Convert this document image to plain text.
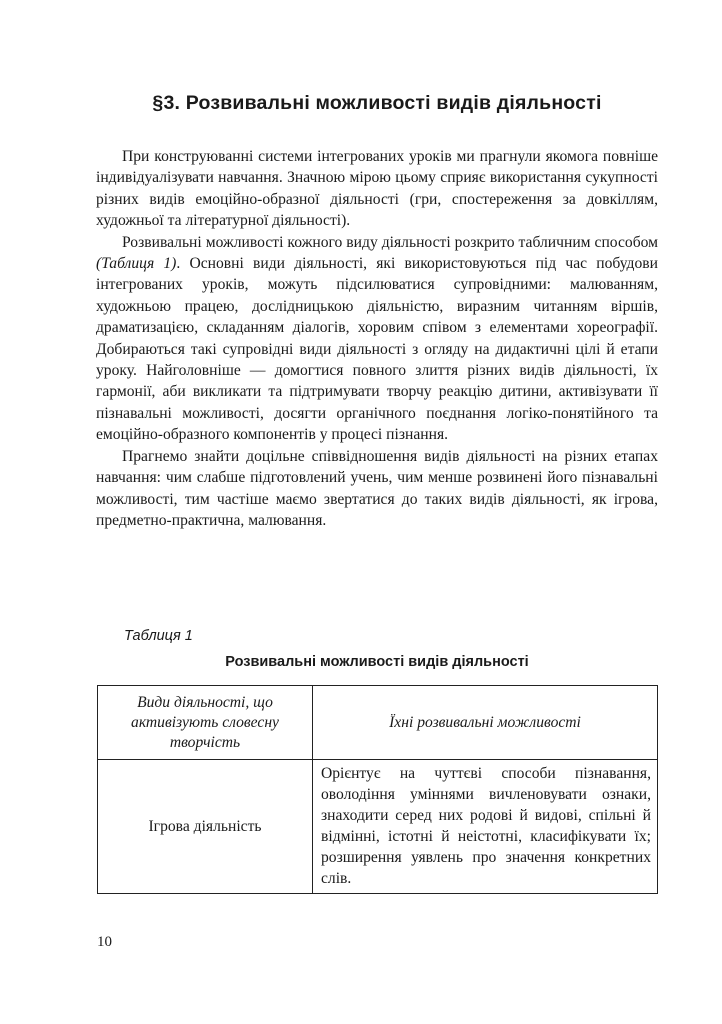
§3. Розвивальні можливості видів діяльності

При конструюванні системи інтегрованих уроків ми прагнули якомога повніше індивідуалізувати навчання. Значною мірою цьому сприяє використання сукупності різних видів емоційно-образної діяльності (гри, спостереження за довкіллям, художньої та літературної діяльності).

Розвивальні можливості кожного виду діяльності розкрито табличним способом (Таблиця 1). Основні види діяльності, які використовуються під час побудови інтегрованих уроків, можуть підсилюватися супровідними: малюванням, художньою працею, дослідницькою діяльністю, виразним читанням віршів, драматизацією, складанням діалогів, хоровим співом з елементами хореографії. Добираються такі супровідні види діяльності з огляду на дидактичні цілі й етапи уроку. Найголовніше — домогтися повного злиття різних видів діяльності, їх гармонії, аби викликати та підтримувати творчу реакцію дитини, активізувати її пізнавальні можливості, досягти органічного поєднання логіко-понятійного та емоційно-образного компонентів у процесі пізнання.

Прагнемо знайти доцільне співвідношення видів діяльності на різних етапах навчання: чим слабше підготовлений учень, чим менше розвинені його пізнавальні можливості, тим частіше маємо звертатися до таких видів діяльності, як ігрова, предметно-практична, малювання.

Таблиця 1

Розвивальні можливості видів діяльності

Види діяльності, що активізують словесну творчість	Їхні розвивальні можливості
Ігрова діяльність	Орієнтує на чуттєві способи пізнавання, оволодіння уміннями вичленовувати ознаки, знаходити серед них родові й видові, спільні й відмінні, істотні й неістотні, класифікувати їх; розширення уявлень про значення конкретних слів.

10
